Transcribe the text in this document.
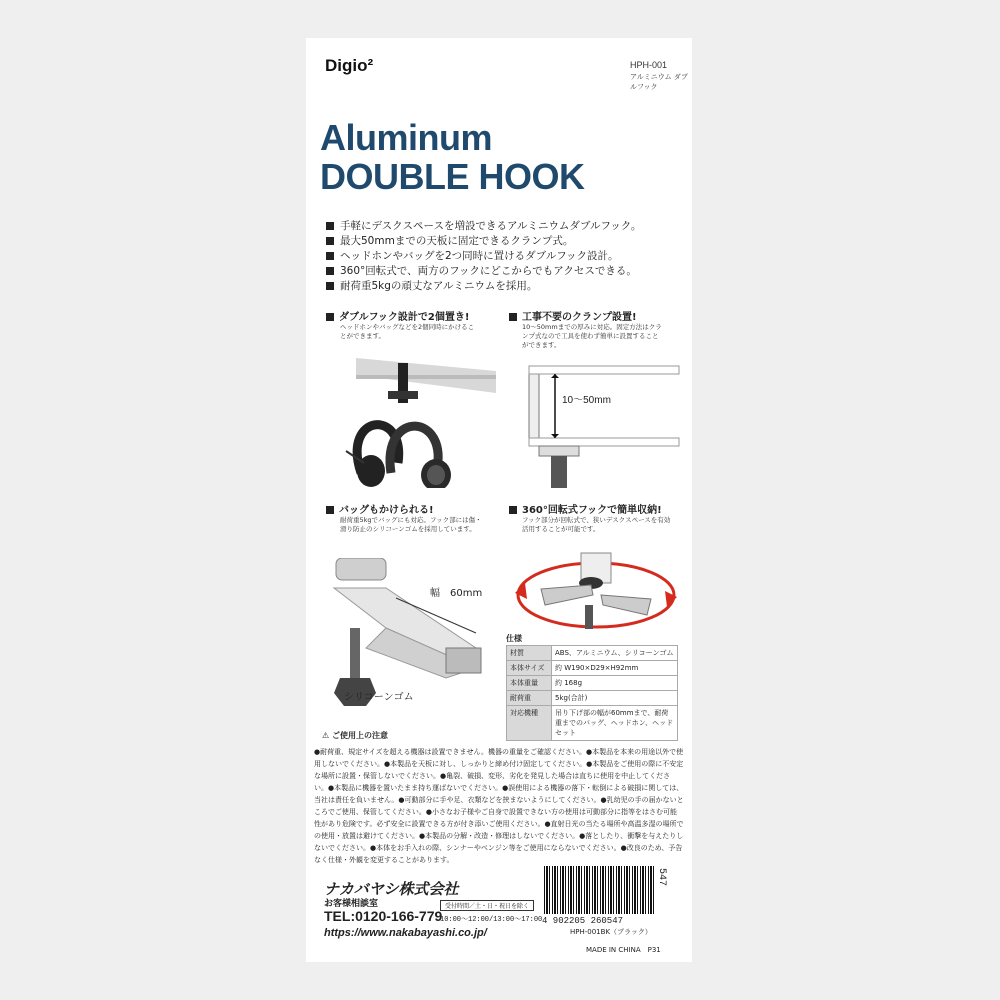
Digio²	HPH-001
アルミニウム ダブルフック
Aluminum
DOUBLE HOOK
手軽にデスクスペースを増設できるアルミニウムダブルフック。
最大50mmまでの天板に固定できるクランプ式。
ヘッドホンやバッグを2つ同時に置けるダブルフック設計。
360°回転式で、両方のフックにどこからでもアクセスできる。
耐荷重5kgの頑丈なアルミニウムを採用。
ダブルフック設計で2個置き!
ヘッドホンやバッグなどを2個同時にかけることができます。
工事不要のクランプ設置!
10〜50mmまでの厚みに対応。固定方法はクランプ式なので工具を使わず簡単に設置することができます。
10〜50mm
バッグもかけられる!
耐荷重5kgでバッグにも対応。フック部には傷・滑り防止のシリコーンゴムを採用しています。
幅　60mm
シリコーンゴム
360°回転式フックで簡単収納!
フック部分が回転式で、狭いデスクスペースを有効活用することが可能です。
仕様
材質	ABS、アルミニウム、シリコーンゴム
本体サイズ	約 W190×D29×H92mm
本体重量	約 168g
耐荷重	5kg(合計)
対応機種	吊り下げ部の幅が60mmまで、耐荷重までのバッグ、ヘッドホン、ヘッドセット
⚠ ご使用上の注意
●耐荷重、規定サイズを超える機器は設置できません。機器の重量をご確認ください。●本製品を本来の用途以外で使用しないでください。●本製品を天板に対し、しっかりと締め付け固定してください。●本製品をご使用の際に不安定な場所に設置・保管しないでください。●亀裂、破損、変形、劣化を発見した場合は直ちに使用を中止してください。●本製品に機器を置いたまま持ち運ばないでください。●誤使用による機器の落下・転倒による破損に関しては、当社は責任を負いません。●可動部分に手や足、衣類などを挟まないようにしてください。●乳幼児の手の届かないところでご使用、保管してください。●小さなお子様やご自身で設置できない方の使用は可動部分に指等をはさむ可能性があり危険です。必ず安全に設置できる方が付き添いご使用ください。●直射日光の当たる場所や高温多湿の場所での使用・放置は避けてください。●本製品の分解・改造・修理はしないでください。●落としたり、衝撃を与えたりしないでください。●本体をお手入れの際、シンナーやベンジン等をご使用にならないでください。●改良のため、予告なく仕様・外観を変更することがあります。
ナカバヤシ株式会社
お客様相談室
TEL:0120-166-779
受付時間／土・日・祝日を除く
10:00〜12:00/13:00〜17:00
https://www.nakabayashi.co.jp/
547
4 902205 260547
HPH-001BK（ブラック）
MADE IN CHINA　P31
